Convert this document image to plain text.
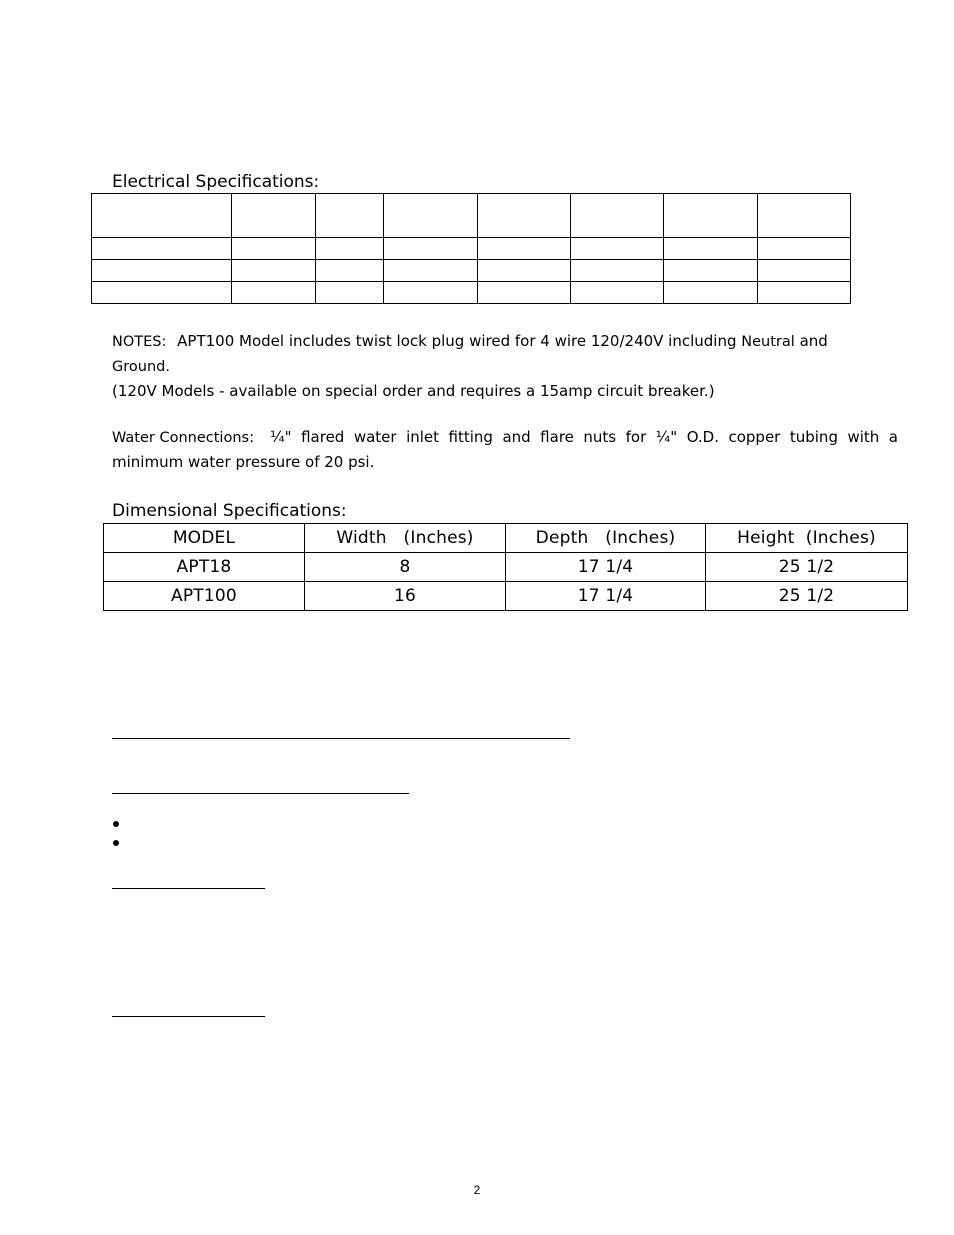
Electrical Specifications:

NOTES: APT100 Model includes twist lock plug wired for 4 wire 120/240V including Neutral and
Ground.
(120V Models - available on special order and requires a 15amp circuit breaker.)
Water Connections: ¼" flared water inlet fitting and flare nuts for ¼" O.D. copper tubing with a
minimum water pressure of 20 psi.
Dimensional Specifications:
MODEL	Width   (Inches)	Depth   (Inches)	Height  (Inches)
APT18	8	17 1/4	25 1/2
APT100	16	17 1/4	25 1/2
2
